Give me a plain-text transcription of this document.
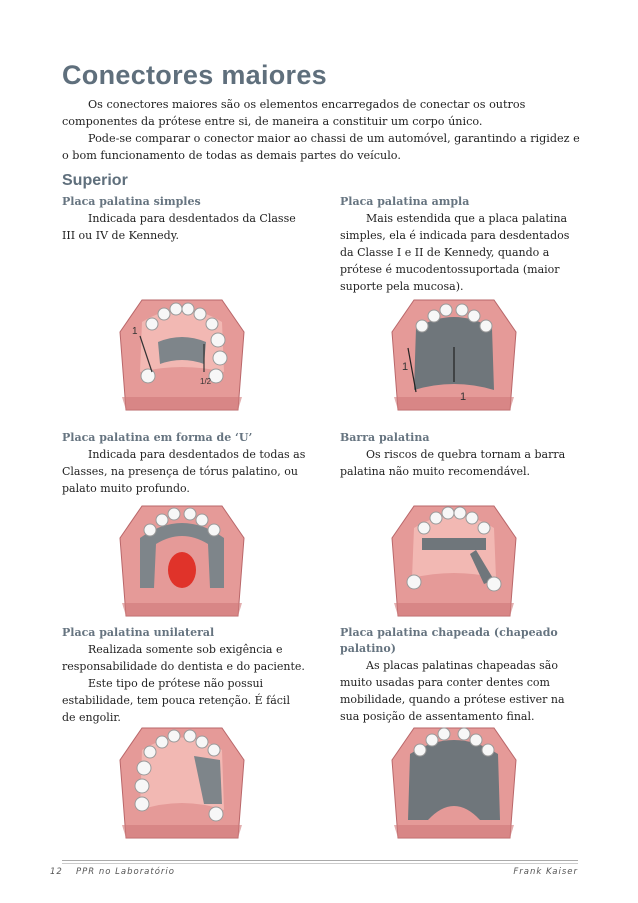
Conectores maiores

Os conectores maiores são os elementos encarregados de conectar os outros componentes da prótese entre si, de maneira a constituir um corpo único.

Pode-se comparar o conector maior ao chassi de um automóvel, garantindo a rigidez e o bom funcionamento de todas as demais partes do veículo.

Superior
Placa palatina simples

Indicada para desdentados da Classe III ou IV de Kennedy.

Placa palatina ampla

Mais estendida que a placa palatina simples, ela é indicada para desdentados da Classe I e II de Kennedy, quando a prótese é mucodentossuportada (maior suporte pela mucosa).

Placa palatina em forma de ‘U’

Indicada para desdentados de todas as Classes, na presença de tórus palatino, ou palato muito profundo.

Barra palatina

Os riscos de quebra tornam a barra palatina não muito recomendável.

Placa palatina unilateral

Realizada somente sob exigência e responsabilidade do dentista e do paciente.

Este tipo de prótese não possui estabilidade, tem pouca retenção. É fácil de engolir.

Placa palatina chapeada (chapeado palatino)

As placas palatinas chapeadas são muito usadas para conter dentes com mobilidade, quando a prótese estiver na sua posição de assentamento final.

1
1/2
1
1
12 PPR no Laboratório	Frank Kaiser
